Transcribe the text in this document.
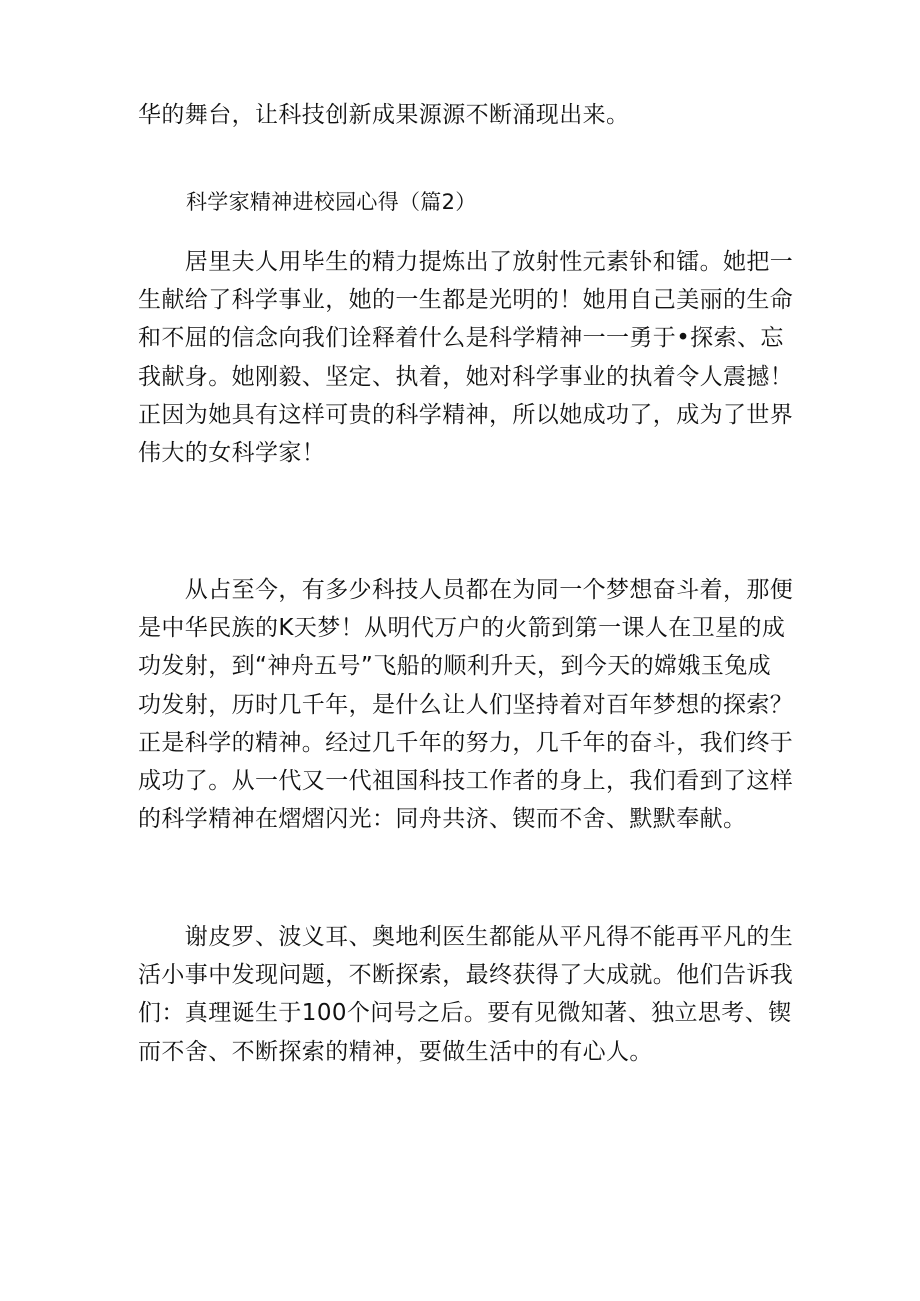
华的舞台，让科技创新成果源源不断涌现出来。
科学家精神进校园心得（篇2）
　　居里夫人用毕生的精力提炼出了放射性元素钋和镭。她把一
生献给了科学事业，她的一生都是光明的！她用自己美丽的生命
和不屈的信念向我们诠释着什么是科学精神一一勇于•探索、忘
我献身。她刚毅、坚定、执着，她对科学事业的执着令人震撼！
正因为她具有这样可贵的科学精神，所以她成功了，成为了世界
伟大的女科学家！
　　从占至今，有多少科技人员都在为同一个梦想奋斗着，那便
是中华民族的K天梦！从明代万户的火箭到第一课人在卫星的成
功发射，到“神舟五号”飞船的顺利升天，到今天的嫦娥玉兔成
功发射，历时几千年，是什么让人们坚持着对百年梦想的探索？
正是科学的精神。经过几千年的努力，几千年的奋斗，我们终于
成功了。从一代又一代祖国科技工作者的身上，我们看到了这样
的科学精神在熠熠闪光：同舟共济、锲而不舍、默默奉献。
　　谢皮罗、波义耳、奥地利医生都能从平凡得不能再平凡的生
活小事中发现问题，不断探索，最终获得了大成就。他们告诉我
们：真理诞生于100个问号之后。要有见微知著、独立思考、锲
而不舍、不断探索的精神，要做生活中的有心人。
